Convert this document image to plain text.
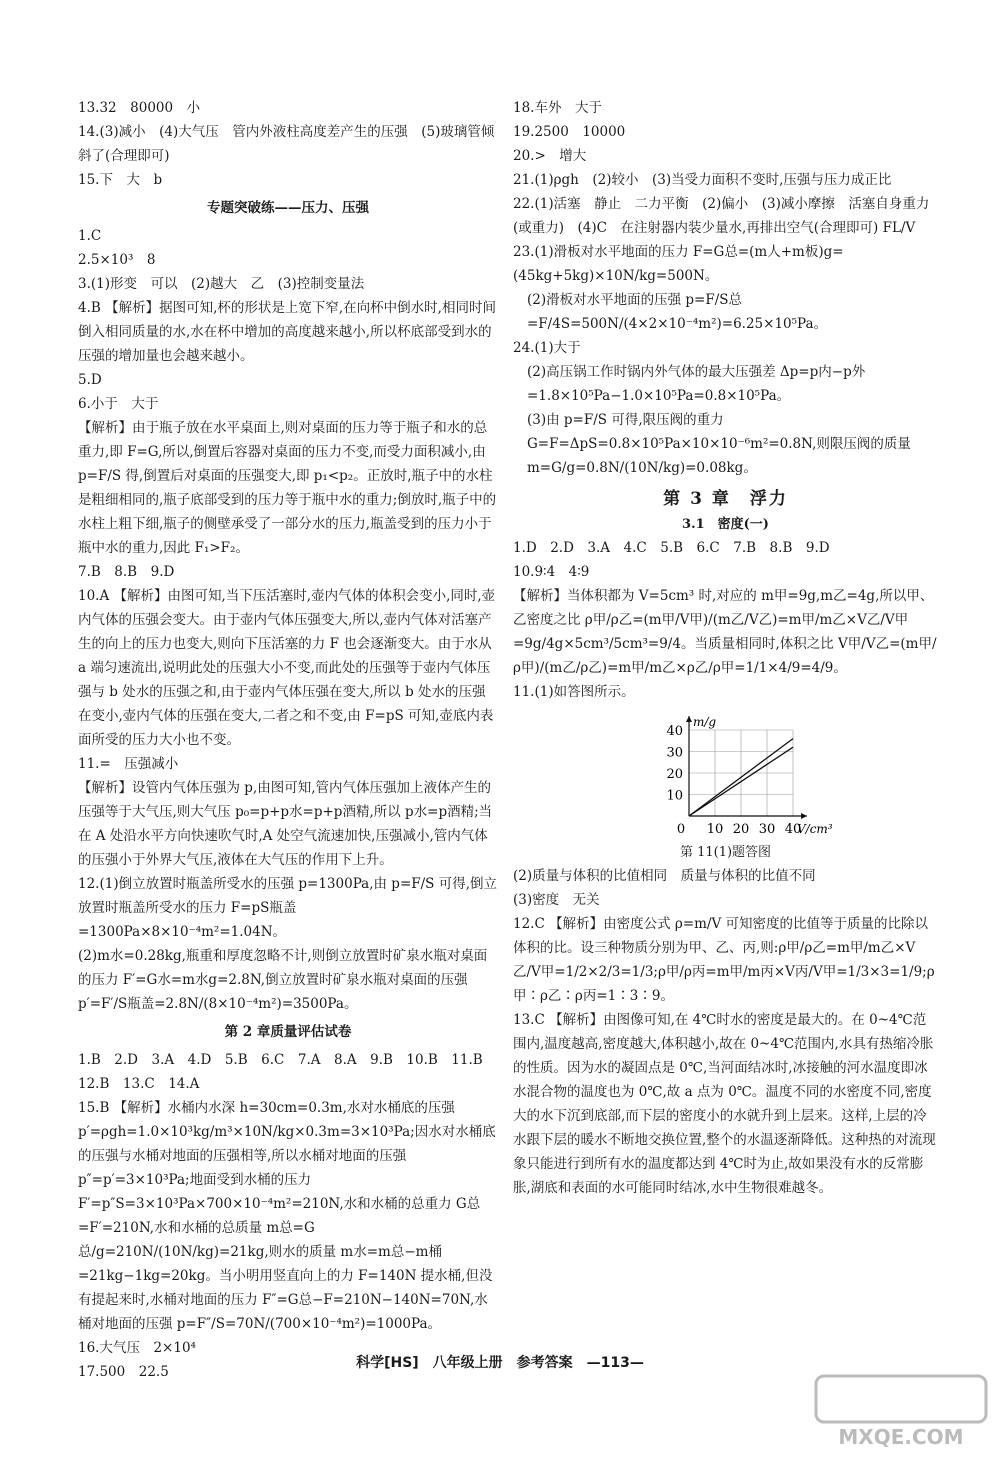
13.32　80000　小

14.(3)减小　(4)大气压　管内外液柱高度差产生的压强　(5)玻璃管倾斜了(合理即可)

15.下　大　b

专题突破练——压力、压强

1.C

2.5×10³　8

3.(1)形变　可以　(2)越大　乙　(3)控制变量法

4.B 【解析】据图可知,杯的形状是上宽下窄,在向杯中倒水时,相同时间倒入相同质量的水,水在杯中增加的高度越来越小,所以杯底部受到水的压强的增加量也会越来越小。

5.D

6.小于　大于

【解析】由于瓶子放在水平桌面上,则对桌面的压力等于瓶子和水的总重力,即 F=G,所以,倒置后容器对桌面的压力不变,而受力面积减小,由 p=F/S 得,倒置后对桌面的压强变大,即 p₁<p₂。正放时,瓶子中的水柱是粗细相同的,瓶子底部受到的压力等于瓶中水的重力;倒放时,瓶子中的水柱上粗下细,瓶子的侧壁承受了一部分水的压力,瓶盖受到的压力小于瓶中水的重力,因此 F₁>F₂。

7.B　8.B　9.D

10.A 【解析】由图可知,当下压活塞时,壶内气体的体积会变小,同时,壶内气体的压强会变大。由于壶内气体压强变大,所以,壶内气体对活塞产生的向上的压力也变大,则向下压活塞的力 F 也会逐渐变大。由于水从 a 端匀速流出,说明此处的压强大小不变,而此处的压强等于壶内气体压强与 b 处水的压强之和,由于壶内气体压强在变大,所以 b 处水的压强在变小,壶内气体的压强在变大,二者之和不变,由 F=pS 可知,壶底内表面所受的压力大小也不变。

11.=　压强减小

【解析】设管内气体压强为 p,由图可知,管内气体压强加上液体产生的压强等于大气压,则大气压 p₀=p+p水=p+p酒精,所以 p水=p酒精;当在 A 处沿水平方向快速吹气时,A 处空气流速加快,压强减小,管内气体的压强小于外界大气压,液体在大气压的作用下上升。

12.(1)倒立放置时瓶盖所受水的压强 p=1300Pa,由 p=F/S 可得,倒立放置时瓶盖所受水的压力 F=pS瓶盖=1300Pa×8×10⁻⁴m²=1.04N。

(2)m水=0.28kg,瓶重和厚度忽略不计,则倒立放置时矿泉水瓶对桌面的压力 F′=G水=m水g=2.8N,倒立放置时矿泉水瓶对桌面的压强 p′=F′/S瓶盖=2.8N/(8×10⁻⁴m²)=3500Pa。

第 2 章质量评估试卷

1.B　2.D　3.A　4.D　5.B　6.C　7.A　8.A　9.B　10.B　11.B

12.B　13.C　14.A

15.B 【解析】水桶内水深 h=30cm=0.3m,水对水桶底的压强 p′=ρgh=1.0×10³kg/m³×10N/kg×0.3m=3×10³Pa;因水对水桶底的压强与水桶对地面的压强相等,所以水桶对地面的压强 p″=p′=3×10³Pa;地面受到水桶的压力 F′=p″S=3×10³Pa×700×10⁻⁴m²=210N,水和水桶的总重力 G总=F′=210N,水和水桶的总质量 m总=G总/g=210N/(10N/kg)=21kg,则水的质量 m水=m总−m桶=21kg−1kg=20kg。当小明用竖直向上的力 F=140N 提水桶,但没有提起来时,水桶对地面的压力 F″=G总−F=210N−140N=70N,水桶对地面的压强 p=F″/S=70N/(700×10⁻⁴m²)=1000Pa。

16.大气压　2×10⁴

17.500　22.5

18.车外　大于

19.2500　10000

20.>　增大

21.(1)ρgh　(2)较小　(3)当受力面积不变时,压强与压力成正比

22.(1)活塞　静止　二力平衡　(2)偏小　(3)减小摩擦　活塞自身重力(或重力)　(4)C　在注射器内装少量水,再排出空气(合理即可) FL/V

23.(1)滑板对水平地面的压力 F=G总=(m人+m板)g=(45kg+5kg)×10N/kg=500N。

(2)滑板对水平地面的压强 p=F/S总=F/4S=500N/(4×2×10⁻⁴m²)=6.25×10⁵Pa。

24.(1)大于

(2)高压锅工作时锅内外气体的最大压强差 Δp=p内−p外=1.8×10⁵Pa−1.0×10⁵Pa=0.8×10⁵Pa。

(3)由 p=F/S 可得,限压阀的重力 G=F=ΔpS=0.8×10⁵Pa×10×10⁻⁶m²=0.8N,则限压阀的质量 m=G/g=0.8N/(10N/kg)=0.08kg。

第 3 章　浮力
3.1　密度(一)

1.D　2.D　3.A　4.C　5.B　6.C　7.B　8.B　9.D

10.9∶4　4∶9

【解析】当体积都为 V=5cm³ 时,对应的 m甲=9g,m乙=4g,所以甲、乙密度之比 ρ甲/ρ乙=(m甲/V甲)/(m乙/V乙)=m甲/m乙×V乙/V甲=9g/4g×5cm³/5cm³=9/4。当质量相同时,体积之比 V甲/V乙=(m甲/ρ甲)/(m乙/ρ乙)=m甲/m乙×ρ乙/ρ甲=1/1×4/9=4/9。

11.(1)如答图所示。

40
30
20
10
0 10 20 30 40
m/g
V/cm³
第 11(1)题答图

(2)质量与体积的比值相同　质量与体积的比值不同

(3)密度　无关

12.C 【解析】由密度公式 ρ=m/V 可知密度的比值等于质量的比除以体积的比。设三种物质分别为甲、乙、丙,则:ρ甲/ρ乙=m甲/m乙×V乙/V甲=1/2×2/3=1/3;ρ甲/ρ丙=m甲/m丙×V丙/V甲=1/3×3=1/9;ρ甲∶ρ乙∶ρ丙=1∶3∶9。

13.C 【解析】由图像可知,在 4℃时水的密度是最大的。在 0~4℃范围内,温度越高,密度越大,体积越小,故在 0~4℃范围内,水具有热缩冷胀的性质。因为水的凝固点是 0℃,当河面结冰时,冰接触的河水温度即冰水混合物的温度也为 0℃,故 a 点为 0℃。温度不同的水密度不同,密度大的水下沉到底部,而下层的密度小的水就升到上层来。这样,上层的冷水跟下层的暖水不断地交换位置,整个的水温逐渐降低。这种热的对流现象只能进行到所有水的温度都达到 4℃时为止,故如果没有水的反常膨胀,湖底和表面的水可能同时结冰,水中生物很难越冬。

科学[HS]　八年级上册　参考答案　—113—
MXQE.COM
